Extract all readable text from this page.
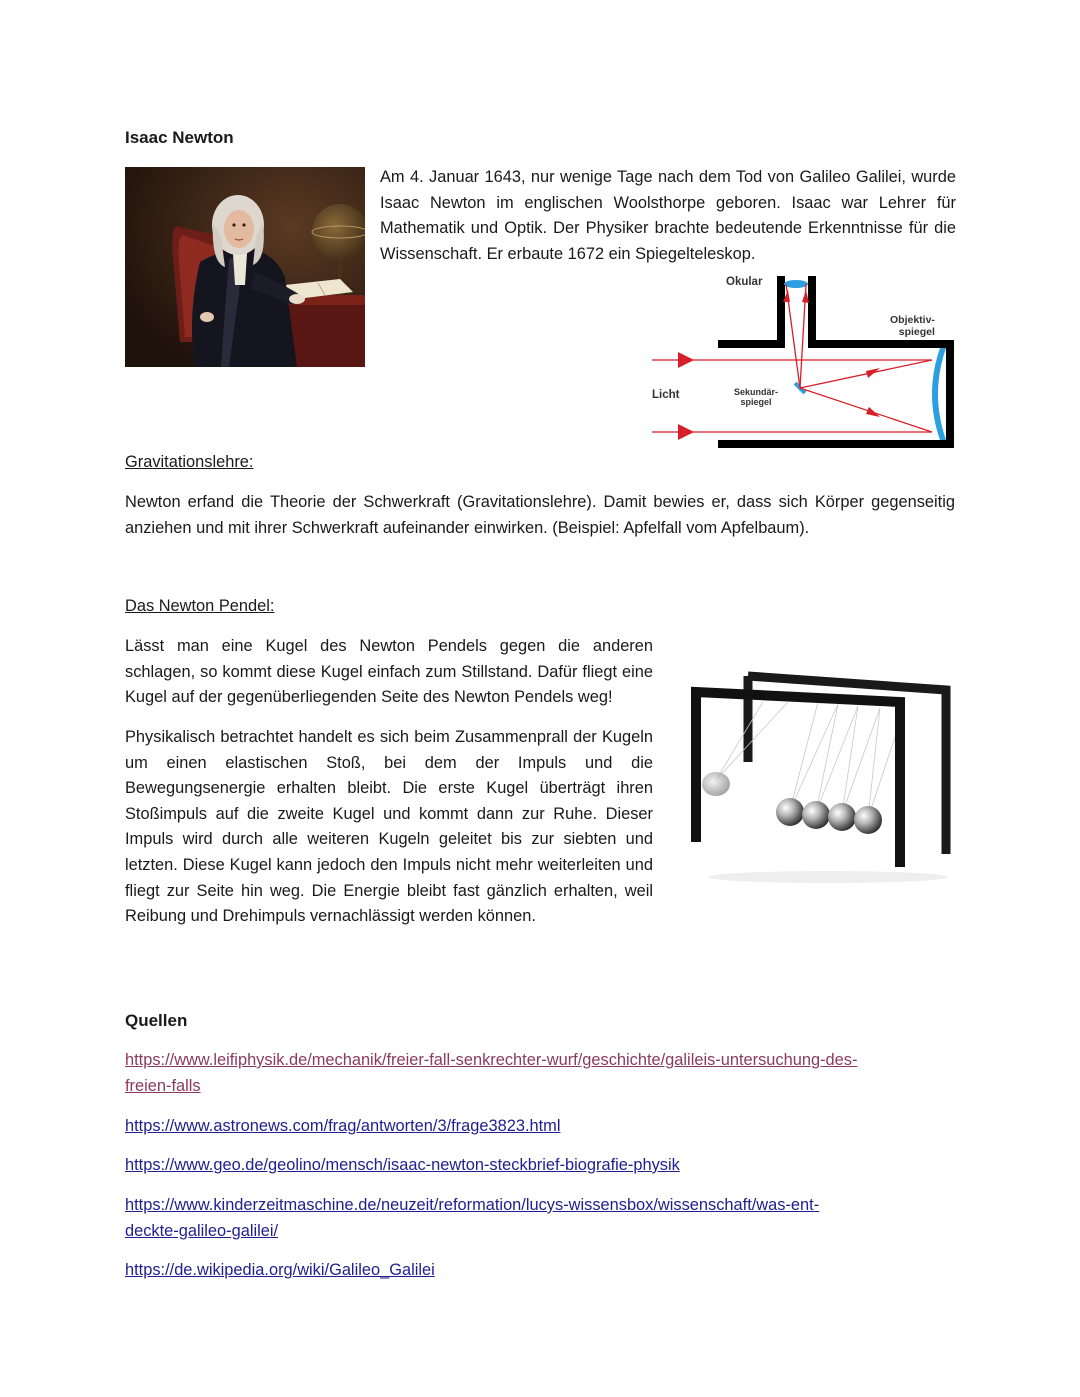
Isaac Newton
Am 4. Januar 1643, nur wenige Tage nach dem Tod von Galileo Galilei, wurde Isaac Newton im englischen Woolsthorpe geboren. Isaac war Lehrer für Mathematik und Optik. Der Physiker brachte bedeutende Erkenntnisse für die Wissenschaft. Er erbaute 1672 ein Spiegelteleskop.
Okular
Objektiv-
spiegel
Licht	Sekundär-
spiegel
Gravitationslehre:
Newton erfand die Theorie der Schwerkraft (Gravitationslehre). Damit bewies er, dass sich Körper gegenseitig anziehen und mit ihrer Schwerkraft aufeinander einwirken. (Beispiel: Apfelfall vom Apfelbaum).
Das Newton Pendel:
Lässt man eine Kugel des Newton Pendels gegen die anderen schlagen, so kommt diese Kugel einfach zum Stillstand. Dafür fliegt eine Kugel auf der gegenüberliegenden Seite des Newton Pendels weg!
Physikalisch betrachtet handelt es sich beim Zusammenprall der Kugeln um einen elastischen Stoß, bei dem der Impuls und die Bewegungsenergie erhalten bleibt. Die erste Kugel überträgt ihren Stoßimpuls auf die zweite Kugel und kommt dann zur Ruhe. Dieser Impuls wird durch alle weiteren Kugeln geleitet bis zur siebten und letzten. Diese Kugel kann jedoch den Impuls nicht mehr weiterleiten und fliegt zur Seite hin weg. Die Energie bleibt fast gänzlich erhalten, weil Reibung und Drehimpuls vernachlässigt werden können.
Quellen
https://www.leifiphysik.de/mechanik/freier-fall-senkrechter-wurf/geschichte/galileis-untersuchung-des-
freien-falls
https://www.astronews.com/frag/antworten/3/frage3823.html
https://www.geo.de/geolino/mensch/isaac-newton-steckbrief-biografie-physik
https://www.kinderzeitmaschine.de/neuzeit/reformation/lucys-wissensbox/wissenschaft/was-ent-
deckte-galileo-galilei/
https://de.wikipedia.org/wiki/Galileo_Galilei
